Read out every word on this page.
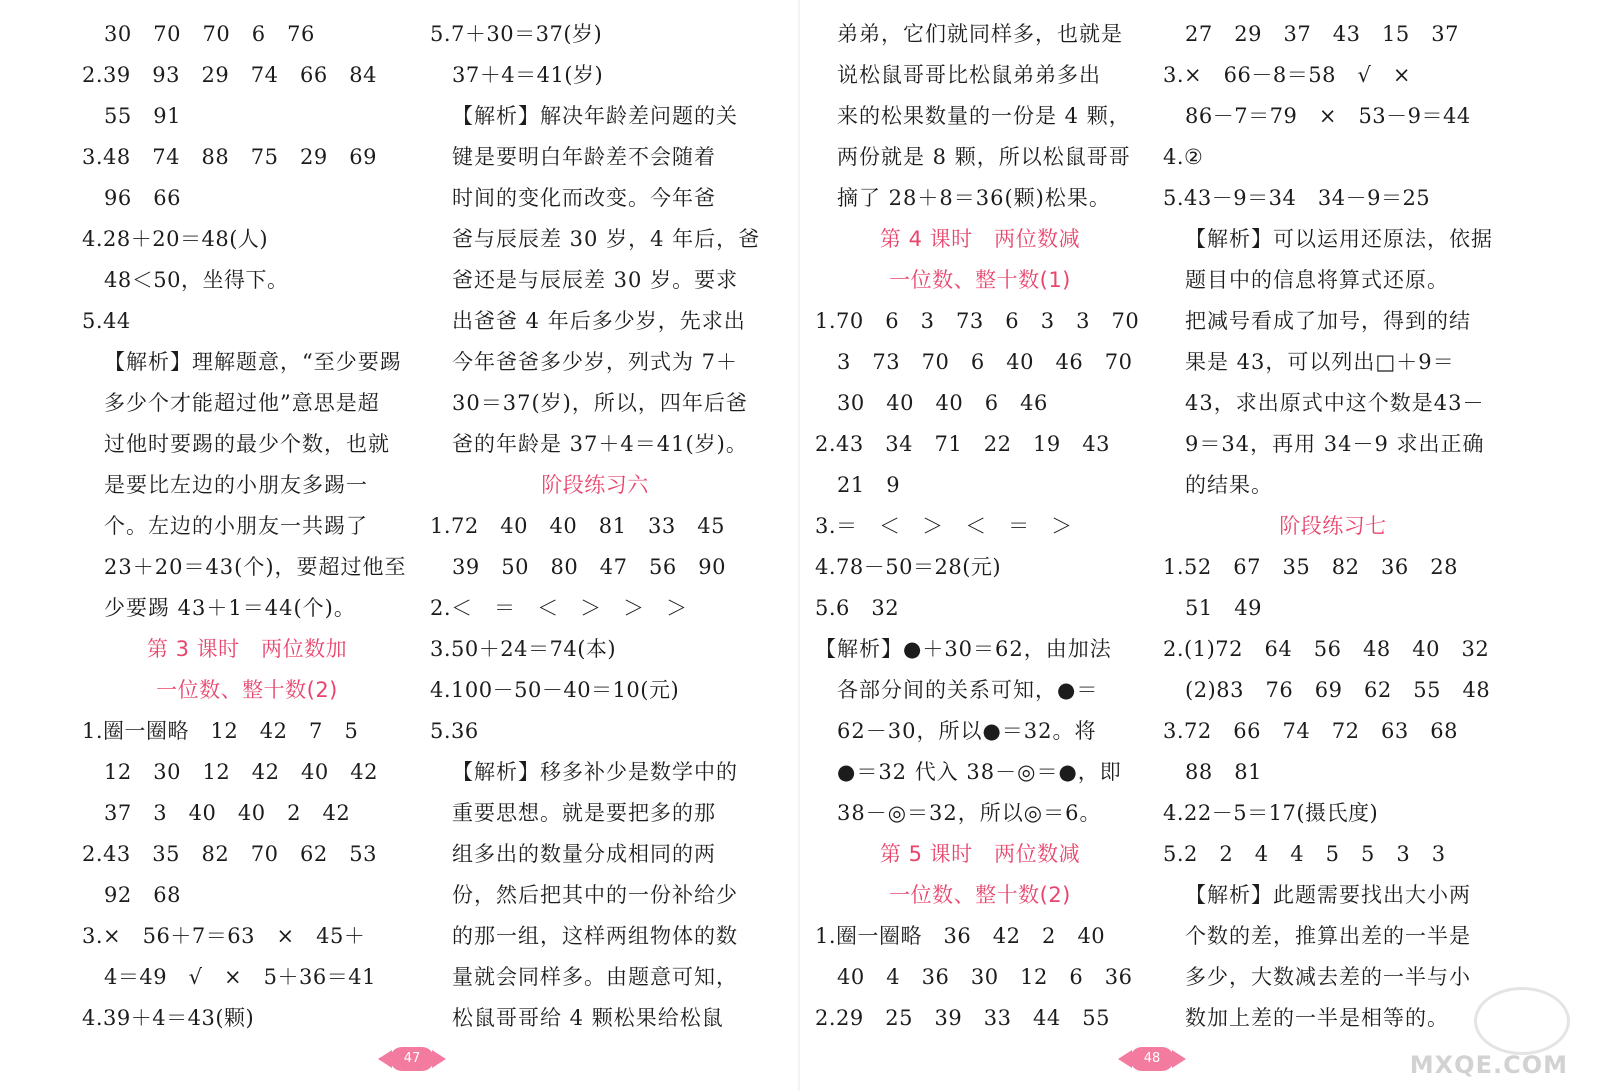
30   70   70   6   76
2.39   93   29   74   66   84
55   91
3.48   74   88   75   29   69
96   66
4.28＋20＝48(人)
48＜50，坐得下。
5.44
【解析】理解题意，“至少要踢
多少个才能超过他”意思是超
过他时要踢的最少个数，也就
是要比左边的小朋友多踢一
个。左边的小朋友一共踢了
23＋20＝43(个)，要超过他至
少要踢 43＋1＝44(个)。
第 3 课时　两位数加
一位数、整十数(2)
1.圈一圈略   12   42   7   5
12   30   12   42   40   42
37   3   40   40   2   42
2.43   35   82   70   62   53
92   68
3.×   56＋7＝63   ×   45＋
4＝49   √   ×   5＋36＝41
4.39＋4＝43(颗)
5.7＋30＝37(岁)
37＋4＝41(岁)
【解析】解决年龄差问题的关
键是要明白年龄差不会随着
时间的变化而改变。今年爸
爸与辰辰差 30 岁，4 年后，爸
爸还是与辰辰差 30 岁。要求
出爸爸 4 年后多少岁，先求出
今年爸爸多少岁，列式为 7＋
30＝37(岁)，所以，四年后爸
爸的年龄是 37＋4＝41(岁)。
阶段练习六
1.72   40   40   81   33   45
39   50   80   47   56   90
2.＜   ＝   ＜   ＞   ＞   ＞
3.50＋24＝74(本)
4.100－50－40＝10(元)
5.36
【解析】移多补少是数学中的
重要思想。就是要把多的那
组多出的数量分成相同的两
份，然后把其中的一份补给少
的那一组，这样两组物体的数
量就会同样多。由题意可知，
松鼠哥哥给 4 颗松果给松鼠
弟弟，它们就同样多，也就是
说松鼠哥哥比松鼠弟弟多出
来的松果数量的一份是 4 颗，
两份就是 8 颗，所以松鼠哥哥
摘了 28＋8＝36(颗)松果。
第 4 课时　两位数减
一位数、整十数(1)
1.70   6   3   73   6   3   3   70
3   73   70   6   40   46   70
30   40   40   6   46
2.43   34   71   22   19   43
21   9
3.＝   ＜   ＞   ＜   ＝   ＞
4.78－50＝28(元)
5.6   32
【解析】●＋30＝62，由加法
各部分间的关系可知，●＝
62－30，所以●＝32。将
●＝32 代入 38－◎＝●，即
38－◎＝32，所以◎＝6。
第 5 课时　两位数减
一位数、整十数(2)
1.圈一圈略   36   42   2   40
40   4   36   30   12   6   36
2.29   25   39   33   44   55
27   29   37   43   15   37
3.×   66－8＝58   √   ×
86－7＝79   ×   53－9＝44
4.②
5.43－9＝34   34－9＝25
【解析】可以运用还原法，依据
题目中的信息将算式还原。
把减号看成了加号，得到的结
果是 43，可以列出□＋9＝
43，求出原式中这个数是43－
9＝34，再用 34－9 求出正确
的结果。
阶段练习七
1.52   67   35   82   36   28
51   49
2.(1)72   64   56   48   40   32
(2)83   76   69   62   55   48
3.72   66   74   72   63   68
88   81
4.22－5＝17(摄氏度)
5.2   2   4   4   5   5   3   3
【解析】此题需要找出大小两
个数的差，推算出差的一半是
多少，大数减去差的一半与小
数加上差的一半是相等的。
47	48	MXQE.COM
